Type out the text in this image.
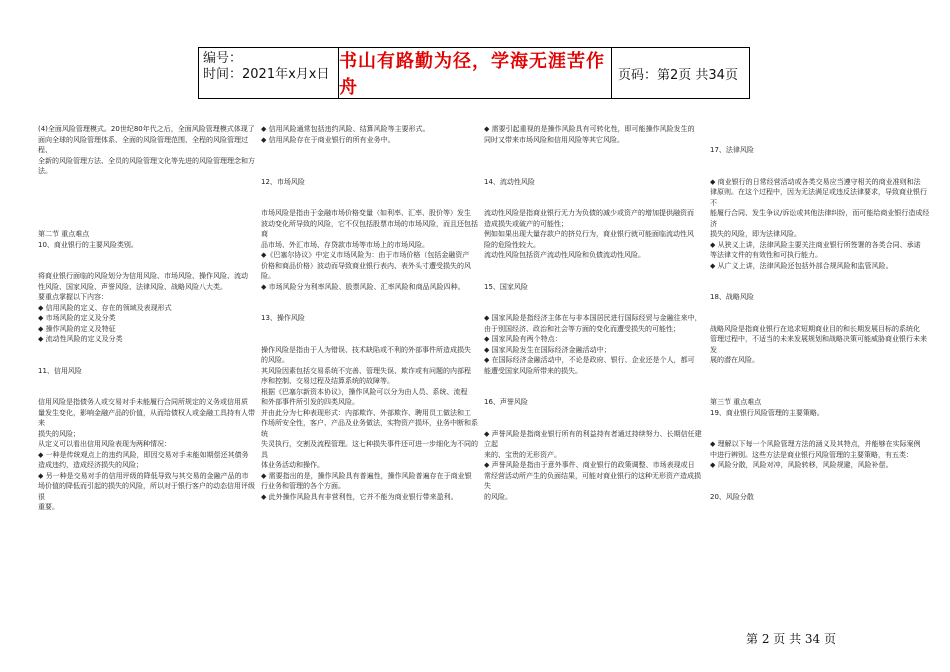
编号：
时间：2021年x月x日
书山有路勤为径，学海无涯苦作舟
页码：第2页 共34页

(4)全面风险管理模式。20世纪80年代之后，全面风险管理模式体现了

面向全球的风险管理体系、全面的风险管理范围、全程的风险管理过程、

全新的风险管理方法、全员的风险管理文化等先进的风险管理理念和方法。

第二节 重点难点

10、商业银行的主要风险类别。

将商业银行面临的风险划分为信用风险、市场风险、操作风险、流动

性风险、国家风险、声誉风险、法律风险、战略风险八大类。

要重点掌握以下内容：

◆ 信用风险的定义、存在的领域及表现形式

◆ 市场风险的定义及分类

◆ 操作风险的定义及特征

◆ 流动性风险的定义及分类

11、信用风险

信用风险是指债务人或交易对手未能履行合同所规定的义务或信用质

量发生变化，影响金融产品的价值，从而给债权人或金融工具持有人带来

损失的风险；

从定义可以看出信用风险表现为两种情况：

◆ 一种是传统观点上的违约风险，即因交易对手未能如期偿还其债务

造成违约，造成经济损失的风险；

◆ 另一种是交易对手的信用评级的降低导致与其交易的金融产品的市

场价值的降低而引起的损失的风险，所以对于银行客户的动态信用评级很

重要。

◆ 信用风险通常包括违约风险、结算风险等主要形式。

◆ 信用风险存在于商业银行的所有业务中。

12、市场风险

市场风险是指由于金融市场价格变量（如利率、汇率、股价等）发生

波动变化所导致的风险，它不仅包括股票市场的市场风险，而且还包括商

品市场、外汇市场、存贷款市场等市场上的市场风险。

◆《巴塞尔协议》中定义市场风险为：由于市场价格（包括金融资产

价格和商品价格）波动而导致商业银行表内、表外头寸遭受损失的风险。

◆ 市场风险分为利率风险、股票风险、汇率风险和商品风险四种。

13、操作风险

操作风险是指由于人为错误、技术缺陷或不利的外部事件所造成损失

的风险。

其风险因素包括交易系统不完善、管理失误、欺诈或有问题的内部程

序和控制、交易过程及结算系统的故障等。

根据《巴塞尔新资本协议》，操作风险可以分为由人员、系统、流程

和外部事件所引发的四类风险。

并由此分为七种表现形式：内部欺诈、外部欺诈、聘用员工做法和工

作场所安全性，客户、产品及业务做法，实物资产损坏，业务中断和系统

失灵执行，交割及流程管理。这七种损失事件还可进一步细化为不同的具

体业务活动和操作。

◆ 需要指出的是，操作风险具有普遍性，操作风险普遍存在于商业银

行业务和管理的各个方面。

◆ 此外操作风险具有非营利性，它并不能为商业银行带来盈利。

◆ 需要引起重视的是操作风险具有可转化性，即可能操作风险发生的

同时又带来市场风险和信用风险等其它风险。

14、流动性风险

流动性风险是指商业银行无力为负债的减少或资产的增加提供融资而

造成损失或破产的可能性；

例如如果出现大量存款户的挤兑行为，商业银行就可能面临流动性风

险的危险性较大。

流动性风险包括资产流动性风险和负债流动性风险。

15、国家风险

◆ 国家风险是指经济主体在与非本国居民进行国际经贸与金融往来中，

由于别国经济、政治和社会等方面的变化而遭受损失的可能性；

◆ 国家风险有两个特点：

◆ 国家风险发生在国际经济金融活动中；

◆ 在国际经济金融活动中，不论是政府、银行、企业还是个人，都可

能遭受国家风险所带来的损失。

16、声誉风险

◆ 声誉风险是指商业银行所有的利益持有者通过持续努力、长期信任建立起

来的、宝贵的无形资产。

◆ 声誉风险是指由于意外事件、商业银行的政策调整、市场表现或日

常经营活动所产生的负面结果，可能对商业银行的这种无形资产造成损失

的风险。

17、法律风险

◆ 商业银行的日常经营活动或各类交易应当遵守相关的商业准则和法

律原则。在这个过程中，因为无法满足或违反法律要求，导致商业银行不

能履行合同、发生争议/诉讼或其他法律纠纷，而可能给商业银行造成经济

损失的风险，即为法律风险。

◆ 从狭义上讲，法律风险主要关注商业银行所签署的各类合同、承诺

等法律文件的有效性和可执行能力。

◆ 从广义上讲，法律风险还包括外部合规风险和监管风险。

18、战略风险

战略风险是指商业银行在追求短期商业目的和长期发展目标的系统化

管理过程中，不适当的未来发展规划和战略决策可能威胁商业银行未来发

展的潜在风险。

第三节 重点难点

19、商业银行风险管理的主要策略。

◆ 理解以下每一个风险管理方法的涵义及其特点，并能够在实际案例

中进行辨别。这些方法是商业银行风险管理的主要策略，有五类：

◆ 风险分散，风险对冲，风险转移，风险规避，风险补偿。

20、风险分散

第 2 页 共 34 页
